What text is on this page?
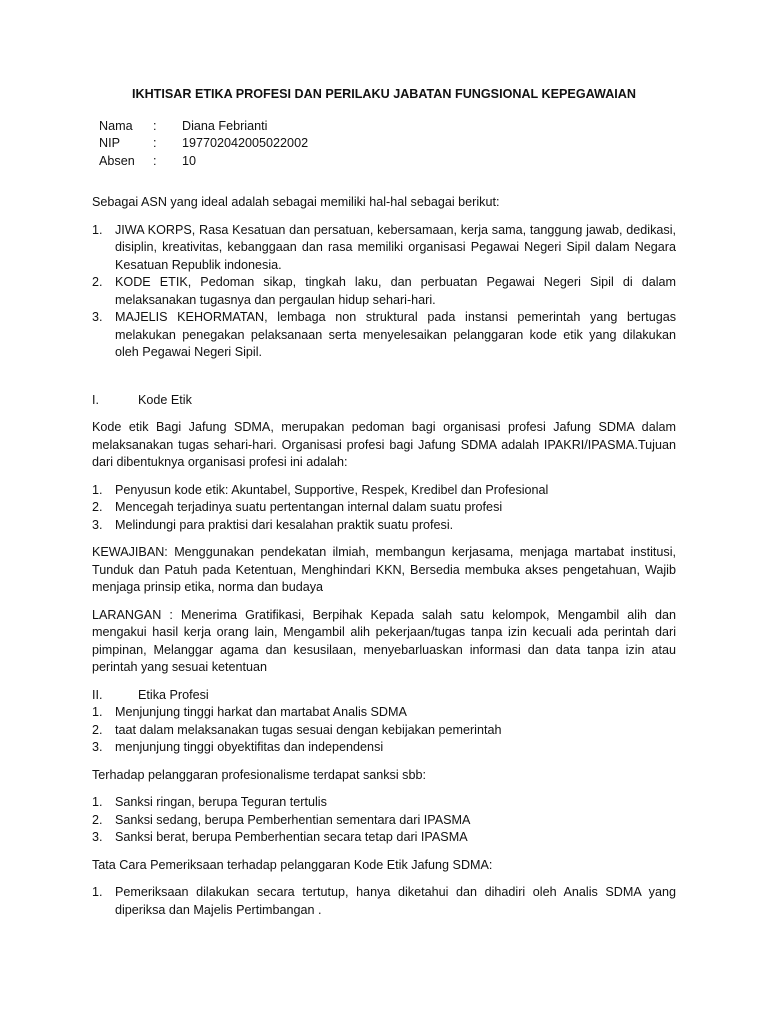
IKHTISAR ETIKA PROFESI DAN PERILAKU JABATAN FUNGSIONAL KEPEGAWAIAN
Nama	:	Diana Febrianti
NIP	:	197702042005022002
Absen	:	10

Sebagai ASN yang ideal adalah sebagai memiliki hal-hal sebagai berikut:

1. JIWA KORPS, Rasa Kesatuan dan persatuan, kebersamaan, kerja sama, tanggung jawab, dedikasi, disiplin, kreativitas, kebanggaan dan rasa memiliki organisasi Pegawai Negeri Sipil dalam Negara Kesatuan Republik indonesia.
2. KODE ETIK, Pedoman sikap, tingkah laku, dan perbuatan Pegawai Negeri Sipil di dalam melaksanakan tugasnya dan pergaulan hidup sehari-hari.
3. MAJELIS KEHORMATAN, lembaga non struktural pada instansi pemerintah yang bertugas melakukan penegakan pelaksanaan serta menyelesaikan pelanggaran kode etik yang dilakukan oleh Pegawai Negeri Sipil.
I.	Kode Etik

Kode etik Bagi Jafung SDMA, merupakan pedoman bagi organisasi profesi Jafung SDMA dalam melaksanakan tugas sehari-hari. Organisasi profesi bagi Jafung SDMA adalah IPAKRI/IPASMA.Tujuan dari dibentuknya organisasi profesi ini adalah:

1. Penyusun kode etik: Akuntabel, Supportive, Respek, Kredibel dan Profesional
2. Mencegah terjadinya suatu pertentangan internal dalam suatu profesi
3. Melindungi para praktisi dari kesalahan praktik suatu profesi.

KEWAJIBAN: Menggunakan pendekatan ilmiah, membangun kerjasama, menjaga martabat institusi, Tunduk dan Patuh pada Ketentuan, Menghindari KKN, Bersedia membuka akses pengetahuan, Wajib menjaga prinsip etika, norma dan budaya

LARANGAN : Menerima Gratifikasi, Berpihak Kepada salah satu kelompok, Mengambil alih dan mengakui hasil kerja orang lain, Mengambil alih pekerjaan/tugas tanpa izin kecuali ada perintah dari pimpinan, Melanggar agama dan kesusilaan, menyebarluaskan informasi dan data tanpa izin atau perintah yang sesuai ketentuan

II.	Etika Profesi
1. Menjunjung tinggi harkat dan martabat Analis SDMA
2. taat dalam melaksanakan tugas sesuai dengan kebijakan pemerintah
3. menjunjung tinggi obyektifitas dan independensi

Terhadap pelanggaran profesionalisme terdapat sanksi sbb:

1. Sanksi ringan, berupa Teguran tertulis
2. Sanksi sedang, berupa Pemberhentian sementara dari IPASMA
3. Sanksi berat, berupa Pemberhentian secara tetap dari IPASMA

Tata Cara Pemeriksaan terhadap pelanggaran Kode Etik Jafung SDMA:

1. Pemeriksaan dilakukan secara tertutup, hanya diketahui dan dihadiri oleh Analis SDMA yang diperiksa dan Majelis Pertimbangan .
